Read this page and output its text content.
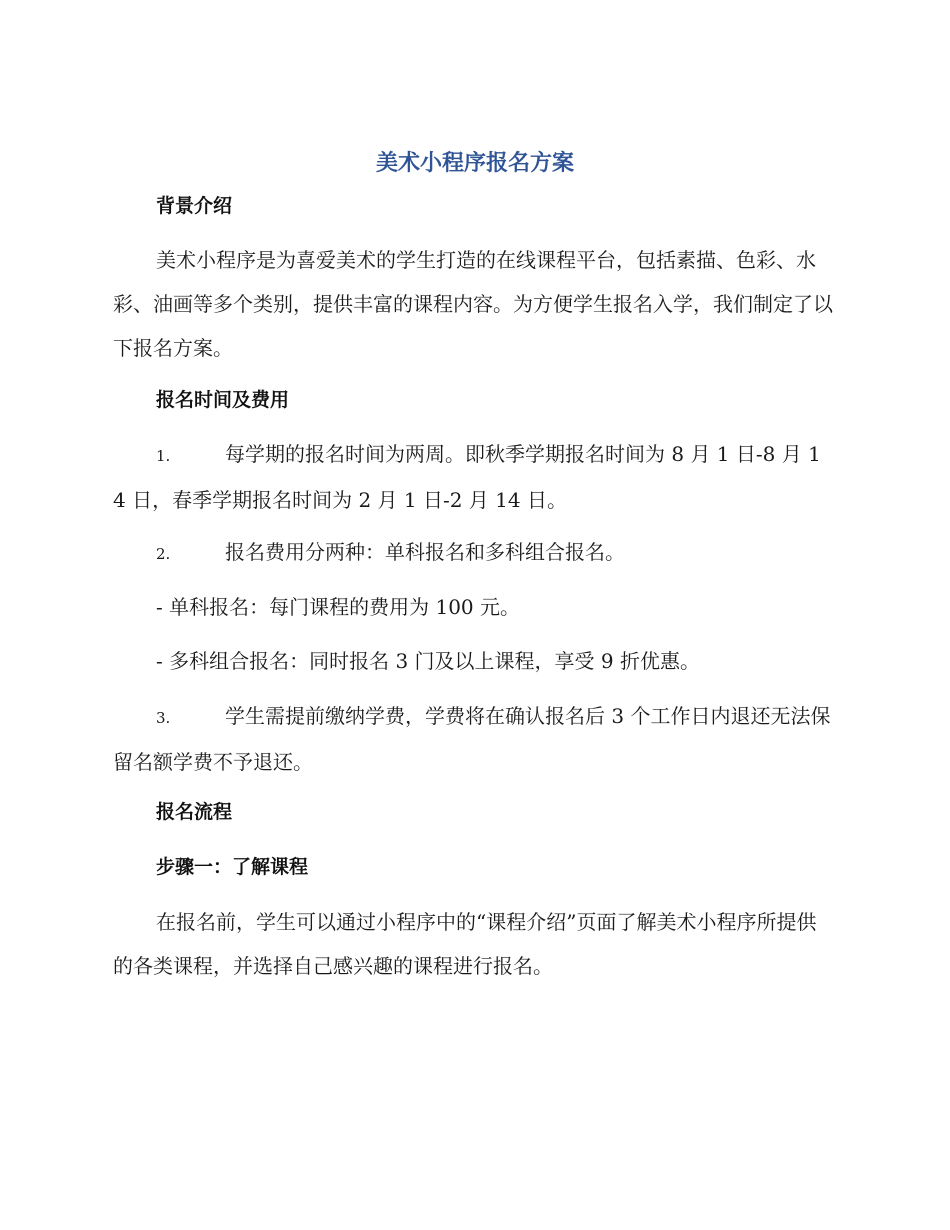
美术小程序报名方案
背景介绍

美术小程序是为喜爱美术的学生打造的在线课程平台，包括素描、色彩、水彩、油画等多个类别，提供丰富的课程内容。为方便学生报名入学，我们制定了以下报名方案。

报名时间及费用

1.	每学期的报名时间为两周。即秋季学期报名时间为 8 月 1 日-8 月 14 日，春季学期报名时间为 2 月 1 日-2 月 14 日。

2.	报名费用分两种：单科报名和多科组合报名。

- 单科报名：每门课程的费用为 100 元。

- 多科组合报名：同时报名 3 门及以上课程，享受 9 折优惠。

3.	学生需提前缴纳学费，学费将在确认报名后 3 个工作日内退还无法保留名额学费不予退还。

报名流程
步骤一：了解课程

在报名前，学生可以通过小程序中的“课程介绍”页面了解美术小程序所提供的各类课程，并选择自己感兴趣的课程进行报名。
